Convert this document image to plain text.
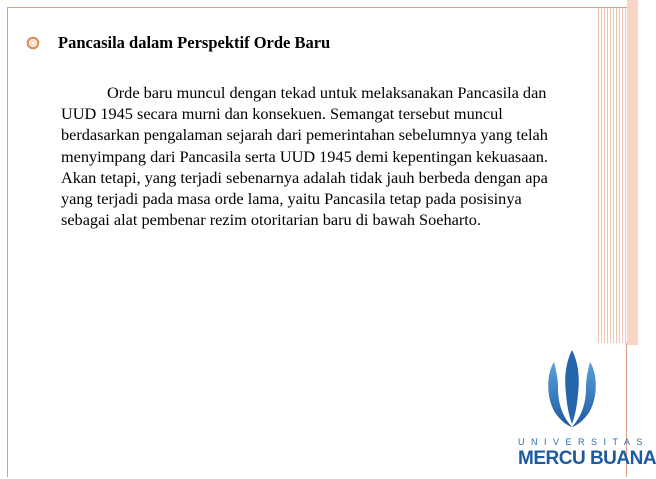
Pancasila dalam Perspektif Orde Baru
Orde baru muncul dengan tekad untuk melaksanakan Pancasila dan UUD 1945 secara murni dan konsekuen. Semangat tersebut muncul berdasarkan pengalaman sejarah dari pemerintahan sebelumnya yang telah menyimpang dari Pancasila serta UUD 1945 demi kepentingan kekuasaan. Akan tetapi, yang terjadi sebenarnya adalah tidak jauh berbeda dengan apa yang terjadi pada masa orde lama, yaitu Pancasila tetap pada posisinya sebagai alat pembenar rezim otoritarian baru di bawah Soeharto.
UNIVERSITAS
MERCU BUANA
